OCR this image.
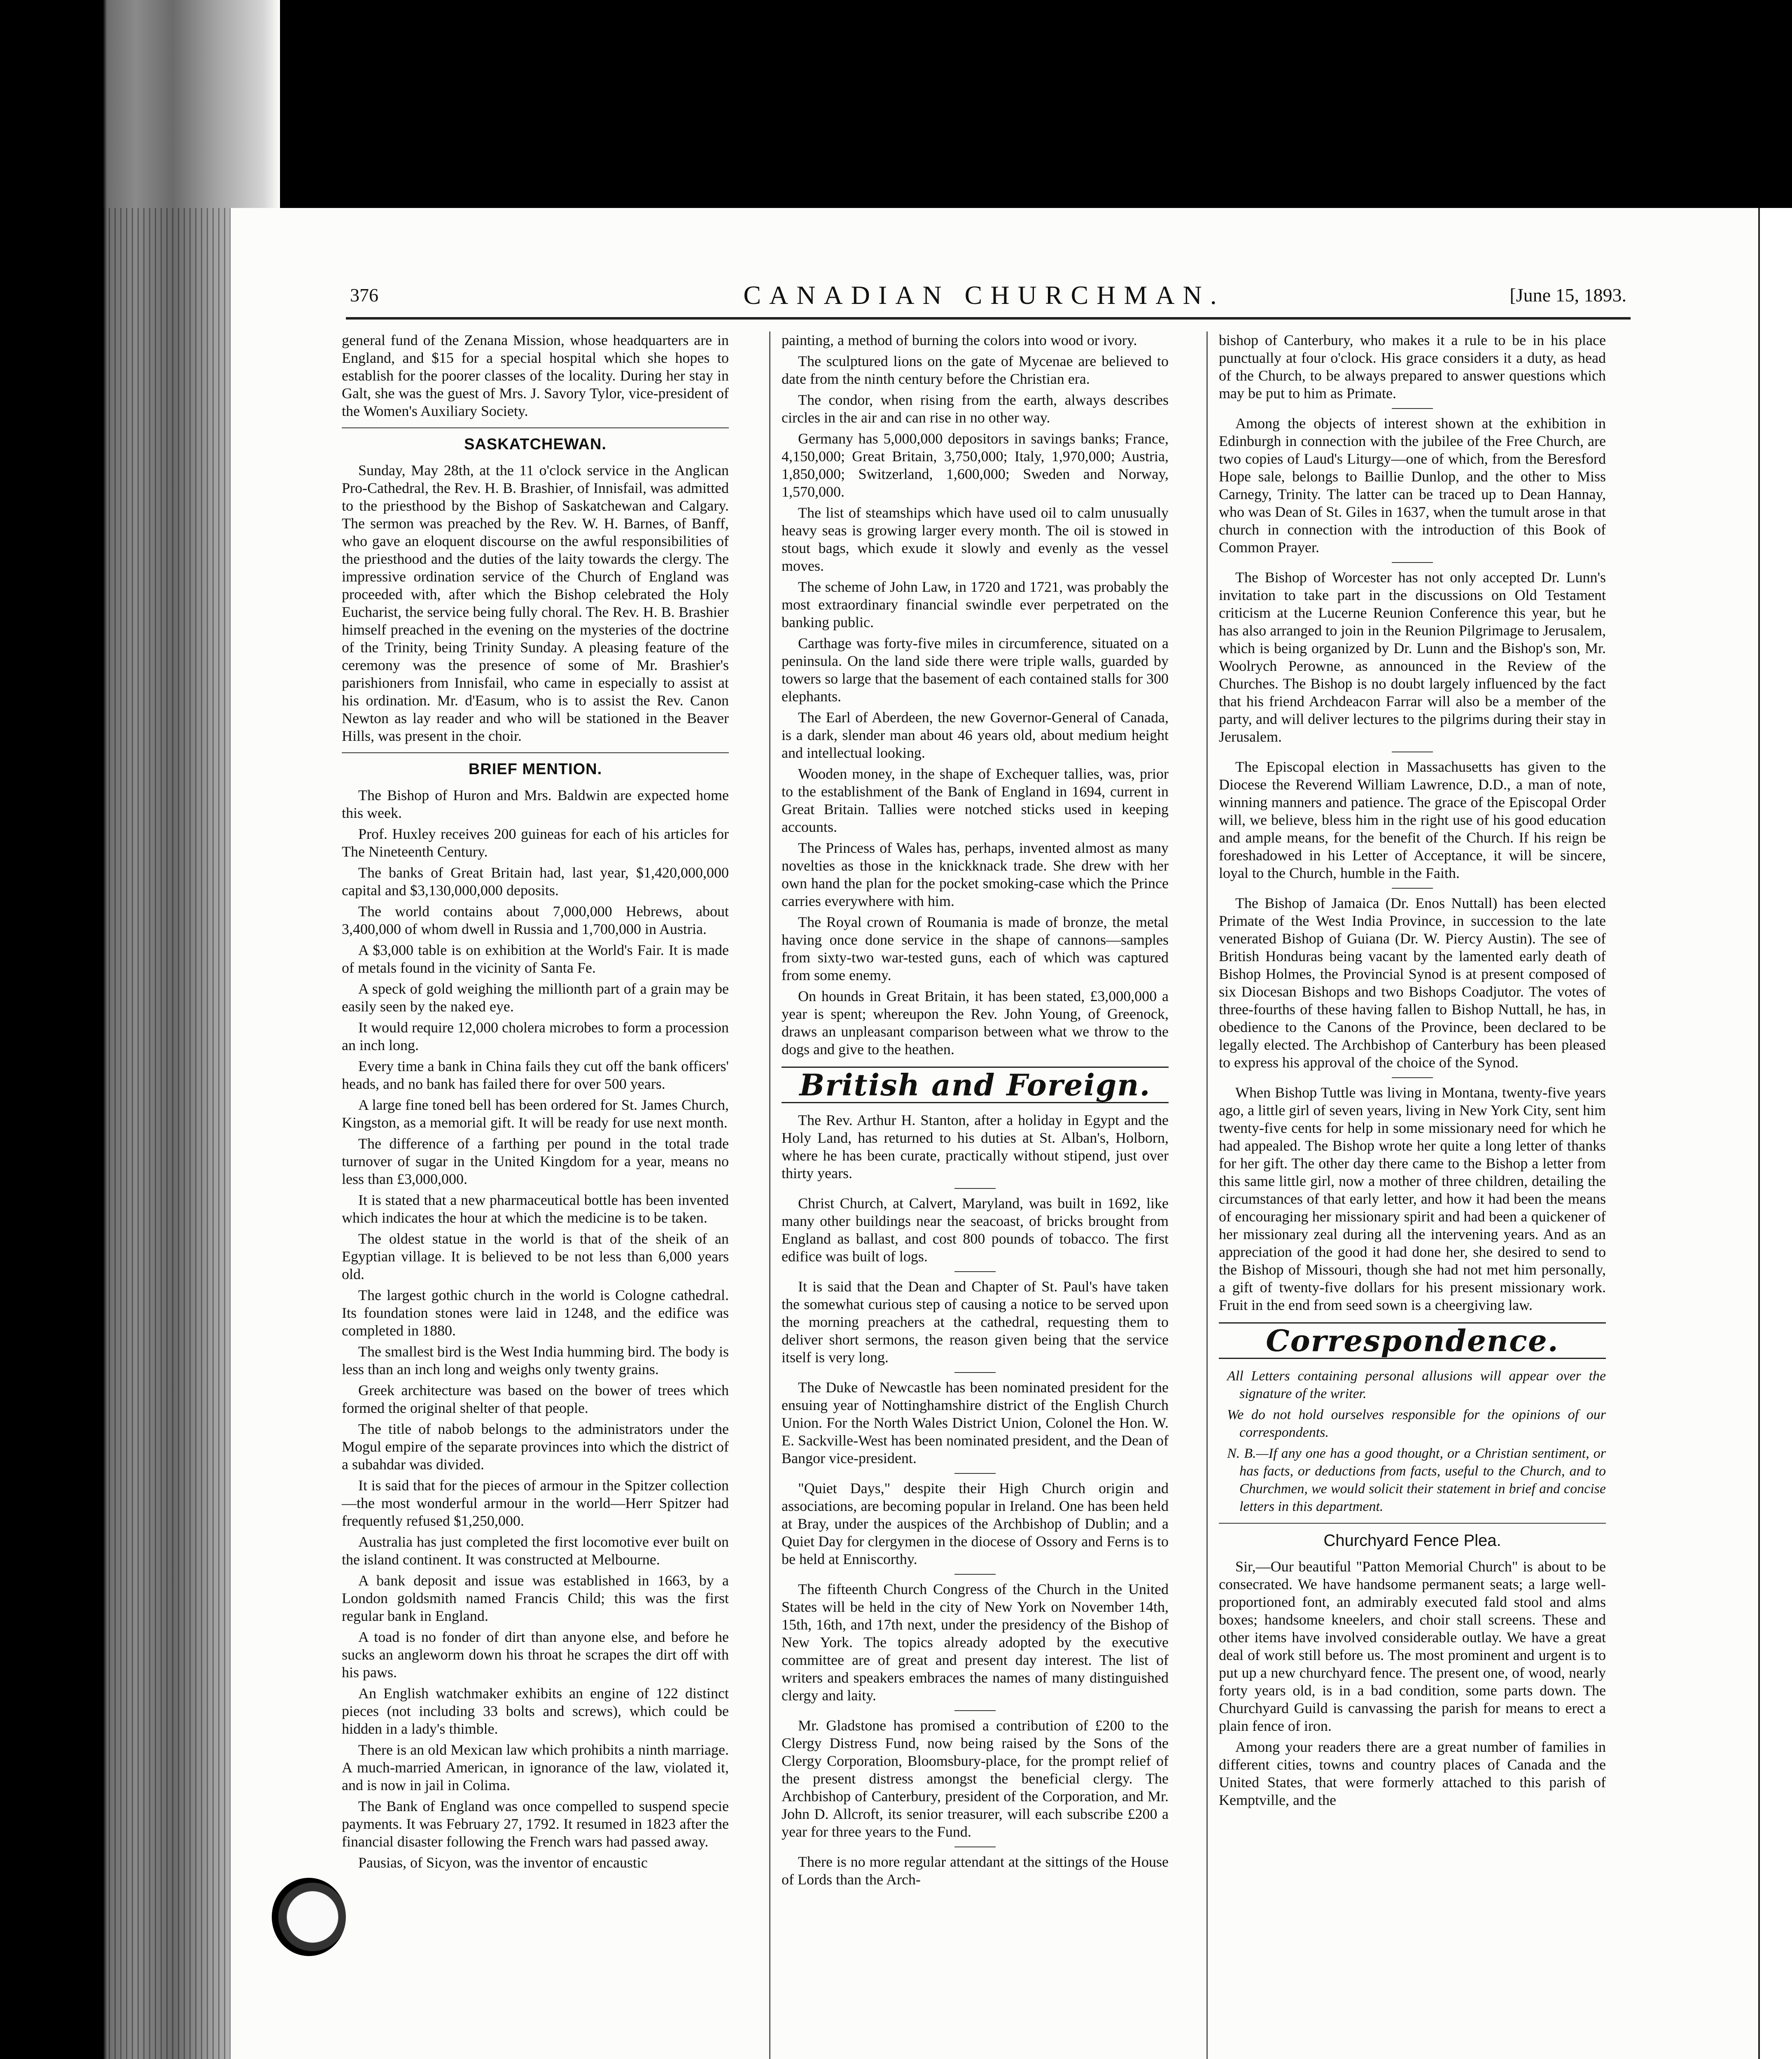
376	CANADIAN CHURCHMAN.	[June 15, 1893.

general fund of the Zenana Mission, whose headquarters are in England, and $15 for a special hospital which she hopes to establish for the poorer classes of the locality. During her stay in Galt, she was the guest of Mrs. J. Savory Tylor, vice-president of the Women's Auxiliary Society.

SASKATCHEWAN.

Sunday, May 28th, at the 11 o'clock service in the Anglican Pro-Cathedral, the Rev. H. B. Brashier, of Innisfail, was admitted to the priesthood by the Bishop of Saskatchewan and Calgary. The sermon was preached by the Rev. W. H. Barnes, of Banff, who gave an eloquent discourse on the awful responsibilities of the priesthood and the duties of the laity towards the clergy. The impressive ordination service of the Church of England was proceeded with, after which the Bishop celebrated the Holy Eucharist, the service being fully choral. The Rev. H. B. Brashier himself preached in the evening on the mysteries of the doctrine of the Trinity, being Trinity Sunday. A pleasing feature of the ceremony was the presence of some of Mr. Brashier's parishioners from Innisfail, who came in especially to assist at his ordination. Mr. d'Easum, who is to assist the Rev. Canon Newton as lay reader and who will be stationed in the Beaver Hills, was present in the choir.

BRIEF MENTION.

The Bishop of Huron and Mrs. Baldwin are expected home this week.

Prof. Huxley receives 200 guineas for each of his articles for The Nineteenth Century.

The banks of Great Britain had, last year, $1,420,000,000 capital and $3,130,000,000 deposits.

The world contains about 7,000,000 Hebrews, about 3,400,000 of whom dwell in Russia and 1,700,000 in Austria.

A $3,000 table is on exhibition at the World's Fair. It is made of metals found in the vicinity of Santa Fe.

A speck of gold weighing the millionth part of a grain may be easily seen by the naked eye.

It would require 12,000 cholera microbes to form a procession an inch long.

Every time a bank in China fails they cut off the bank officers' heads, and no bank has failed there for over 500 years.

A large fine toned bell has been ordered for St. James Church, Kingston, as a memorial gift. It will be ready for use next month.

The difference of a farthing per pound in the total trade turnover of sugar in the United Kingdom for a year, means no less than £3,000,000.

It is stated that a new pharmaceutical bottle has been invented which indicates the hour at which the medicine is to be taken.

The oldest statue in the world is that of the sheik of an Egyptian village. It is believed to be not less than 6,000 years old.

The largest gothic church in the world is Cologne cathedral. Its foundation stones were laid in 1248, and the edifice was completed in 1880.

The smallest bird is the West India humming bird. The body is less than an inch long and weighs only twenty grains.

Greek architecture was based on the bower of trees which formed the original shelter of that people.

The title of nabob belongs to the administrators under the Mogul empire of the separate provinces into which the district of a subahdar was divided.

It is said that for the pieces of armour in the Spitzer collection—the most wonderful armour in the world—Herr Spitzer had frequently refused $1,250,000.

Australia has just completed the first locomotive ever built on the island continent. It was constructed at Melbourne.

A bank deposit and issue was established in 1663, by a London goldsmith named Francis Child; this was the first regular bank in England.

A toad is no fonder of dirt than anyone else, and before he sucks an angleworm down his throat he scrapes the dirt off with his paws.

An English watchmaker exhibits an engine of 122 distinct pieces (not including 33 bolts and screws), which could be hidden in a lady's thimble.

There is an old Mexican law which prohibits a ninth marriage. A much-married American, in ignorance of the law, violated it, and is now in jail in Colima.

The Bank of England was once compelled to suspend specie payments. It was February 27, 1792. It resumed in 1823 after the financial disaster following the French wars had passed away.

Pausias, of Sicyon, was the inventor of encaustic

painting, a method of burning the colors into wood or ivory.

The sculptured lions on the gate of Mycenae are believed to date from the ninth century before the Christian era.

The condor, when rising from the earth, always describes circles in the air and can rise in no other way.

Germany has 5,000,000 depositors in savings banks; France, 4,150,000; Great Britain, 3,750,000; Italy, 1,970,000; Austria, 1,850,000; Switzerland, 1,600,000; Sweden and Norway, 1,570,000.

The list of steamships which have used oil to calm unusually heavy seas is growing larger every month. The oil is stowed in stout bags, which exude it slowly and evenly as the vessel moves.

The scheme of John Law, in 1720 and 1721, was probably the most extraordinary financial swindle ever perpetrated on the banking public.

Carthage was forty-five miles in circumference, situated on a peninsula. On the land side there were triple walls, guarded by towers so large that the basement of each contained stalls for 300 elephants.

The Earl of Aberdeen, the new Governor-General of Canada, is a dark, slender man about 46 years old, about medium height and intellectual looking.

Wooden money, in the shape of Exchequer tallies, was, prior to the establishment of the Bank of England in 1694, current in Great Britain. Tallies were notched sticks used in keeping accounts.

The Princess of Wales has, perhaps, invented almost as many novelties as those in the knickknack trade. She drew with her own hand the plan for the pocket smoking-case which the Prince carries everywhere with him.

The Royal crown of Roumania is made of bronze, the metal having once done service in the shape of cannons—samples from sixty-two war-tested guns, each of which was captured from some enemy.

On hounds in Great Britain, it has been stated, £3,000,000 a year is spent; whereupon the Rev. John Young, of Greenock, draws an unpleasant comparison between what we throw to the dogs and give to the heathen.

British and Foreign.

The Rev. Arthur H. Stanton, after a holiday in Egypt and the Holy Land, has returned to his duties at St. Alban's, Holborn, where he has been curate, practically without stipend, just over thirty years.

Christ Church, at Calvert, Maryland, was built in 1692, like many other buildings near the seacoast, of bricks brought from England as ballast, and cost 800 pounds of tobacco. The first edifice was built of logs.

It is said that the Dean and Chapter of St. Paul's have taken the somewhat curious step of causing a notice to be served upon the morning preachers at the cathedral, requesting them to deliver short sermons, the reason given being that the service itself is very long.

The Duke of Newcastle has been nominated president for the ensuing year of Nottinghamshire district of the English Church Union. For the North Wales District Union, Colonel the Hon. W. E. Sackville-West has been nominated president, and the Dean of Bangor vice-president.

"Quiet Days," despite their High Church origin and associations, are becoming popular in Ireland. One has been held at Bray, under the auspices of the Archbishop of Dublin; and a Quiet Day for clergymen in the diocese of Ossory and Ferns is to be held at Enniscorthy.

The fifteenth Church Congress of the Church in the United States will be held in the city of New York on November 14th, 15th, 16th, and 17th next, under the presidency of the Bishop of New York. The topics already adopted by the executive committee are of great and present day interest. The list of writers and speakers embraces the names of many distinguished clergy and laity.

Mr. Gladstone has promised a contribution of £200 to the Clergy Distress Fund, now being raised by the Sons of the Clergy Corporation, Bloomsbury-place, for the prompt relief of the present distress amongst the beneficial clergy. The Archbishop of Canterbury, president of the Corporation, and Mr. John D. Allcroft, its senior treasurer, will each subscribe £200 a year for three years to the Fund.

There is no more regular attendant at the sittings of the House of Lords than the Arch-

bishop of Canterbury, who makes it a rule to be in his place punctually at four o'clock. His grace considers it a duty, as head of the Church, to be always prepared to answer questions which may be put to him as Primate.

Among the objects of interest shown at the exhibition in Edinburgh in connection with the jubilee of the Free Church, are two copies of Laud's Liturgy—one of which, from the Beresford Hope sale, belongs to Baillie Dunlop, and the other to Miss Carnegy, Trinity. The latter can be traced up to Dean Hannay, who was Dean of St. Giles in 1637, when the tumult arose in that church in connection with the introduction of this Book of Common Prayer.

The Bishop of Worcester has not only accepted Dr. Lunn's invitation to take part in the discussions on Old Testament criticism at the Lucerne Reunion Conference this year, but he has also arranged to join in the Reunion Pilgrimage to Jerusalem, which is being organized by Dr. Lunn and the Bishop's son, Mr. Woolrych Perowne, as announced in the Review of the Churches. The Bishop is no doubt largely influenced by the fact that his friend Archdeacon Farrar will also be a member of the party, and will deliver lectures to the pilgrims during their stay in Jerusalem.

The Episcopal election in Massachusetts has given to the Diocese the Reverend William Lawrence, D.D., a man of note, winning manners and patience. The grace of the Episcopal Order will, we believe, bless him in the right use of his good education and ample means, for the benefit of the Church. If his reign be foreshadowed in his Letter of Acceptance, it will be sincere, loyal to the Church, humble in the Faith.

The Bishop of Jamaica (Dr. Enos Nuttall) has been elected Primate of the West India Province, in succession to the late venerated Bishop of Guiana (Dr. W. Piercy Austin). The see of British Honduras being vacant by the lamented early death of Bishop Holmes, the Provincial Synod is at present composed of six Diocesan Bishops and two Bishops Coadjutor. The votes of three-fourths of these having fallen to Bishop Nuttall, he has, in obedience to the Canons of the Province, been declared to be legally elected. The Archbishop of Canterbury has been pleased to express his approval of the choice of the Synod.

When Bishop Tuttle was living in Montana, twenty-five years ago, a little girl of seven years, living in New York City, sent him twenty-five cents for help in some missionary need for which he had appealed. The Bishop wrote her quite a long letter of thanks for her gift. The other day there came to the Bishop a letter from this same little girl, now a mother of three children, detailing the circumstances of that early letter, and how it had been the means of encouraging her missionary spirit and had been a quickener of her missionary zeal during all the intervening years. And as an appreciation of the good it had done her, she desired to send to the Bishop of Missouri, though she had not met him personally, a gift of twenty-five dollars for his present missionary work. Fruit in the end from seed sown is a cheergiving law.

Correspondence.

All Letters containing personal allusions will appear over the signature of the writer.

We do not hold ourselves responsible for the opinions of our correspondents.

N. B.—If any one has a good thought, or a Christian sentiment, or has facts, or deductions from facts, useful to the Church, and to Churchmen, we would solicit their statement in brief and concise letters in this department.

Churchyard Fence Plea.

Sir,—Our beautiful "Patton Memorial Church" is about to be consecrated. We have handsome permanent seats; a large well-proportioned font, an admirably executed fald stool and alms boxes; handsome kneelers, and choir stall screens. These and other items have involved considerable outlay. We have a great deal of work still before us. The most prominent and urgent is to put up a new churchyard fence. The present one, of wood, nearly forty years old, is in a bad condition, some parts down. The Churchyard Guild is canvassing the parish for means to erect a plain fence of iron.

Among your readers there are a great number of families in different cities, towns and country places of Canada and the United States, that were formerly attached to this parish of Kemptville, and the
